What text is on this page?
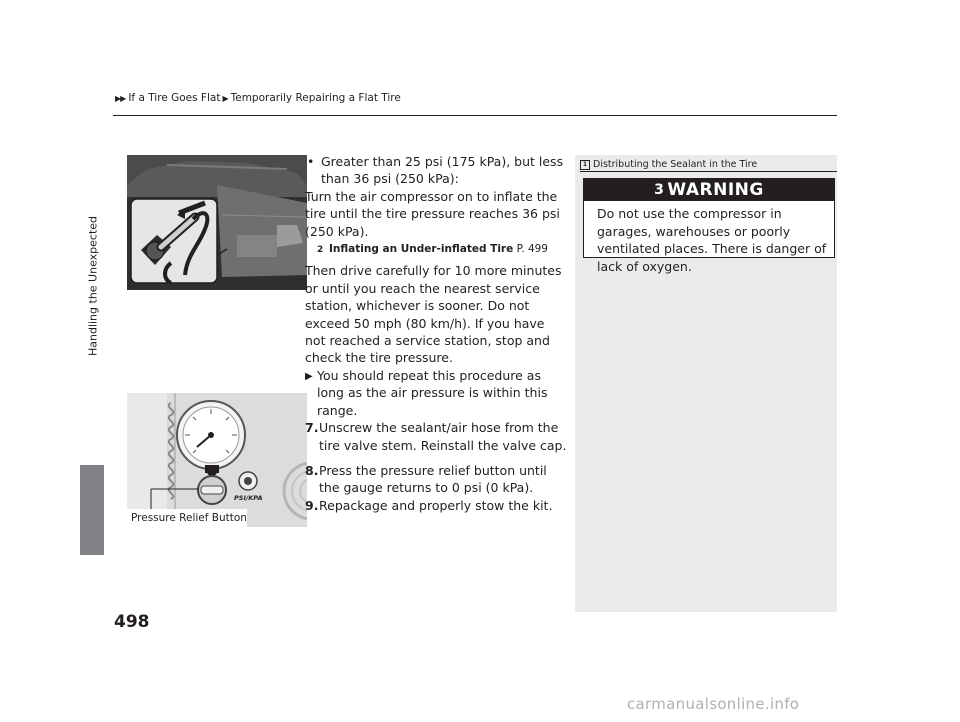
▶▶ If a Tire Goes Flat ▶ Temporarily Repairing a Flat Tire
Handling the Unexpected
498
PSI/KPA
Pressure Relief Button
• Greater than 25 psi (175 kPa), but less than 36 psi (250 kPa):

Turn the air compressor on to inflate the tire until the tire pressure reaches 36 psi (250 kPa).

2 Inflating an Under-inflated Tire P. 499

Then drive carefully for 10 more minutes or until you reach the nearest service station, whichever is sooner. Do not exceed 50 mph (80 km/h). If you have not reached a service station, stop and check the tire pressure.

▶ You should repeat this procedure as long as the air pressure is within this range.
7. Unscrew the sealant/air hose from the tire valve stem. Reinstall the valve cap.
8. Press the pressure relief button until the gauge returns to 0 psi (0 kPa).
9. Repackage and properly stow the kit.
1 Distributing the Sealant in the Tire
3 WARNING
Do not use the compressor in garages, warehouses or poorly ventilated places. There is danger of lack of oxygen.
carmanualsonline.info
